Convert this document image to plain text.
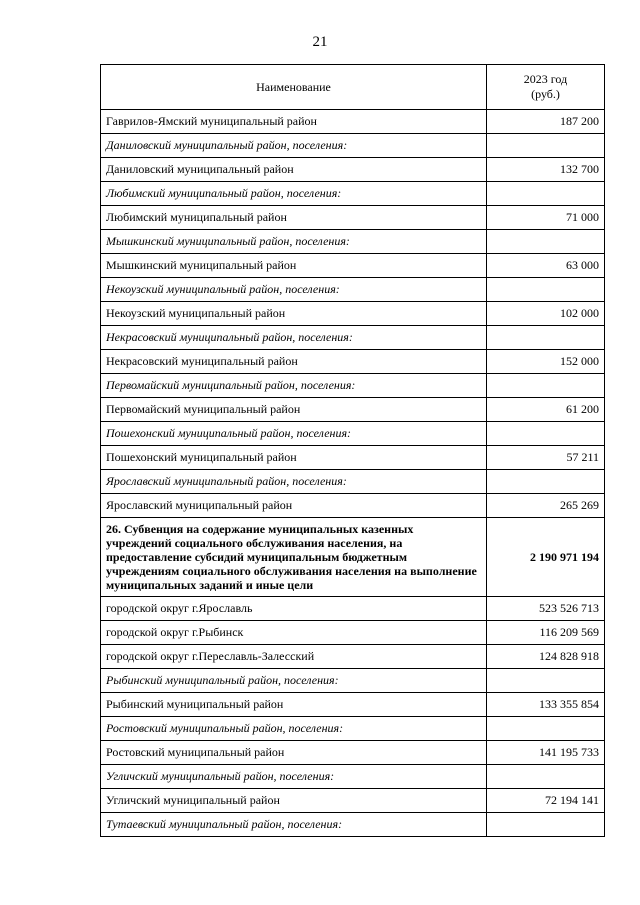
21
Наименование	2023 год
(руб.)
Гаврилов-Ямский муниципальный район	187 200
Даниловский муниципальный район, поселения:	
Даниловский муниципальный район	132 700
Любимский муниципальный район, поселения:	
Любимский муниципальный район	71 000
Мышкинский муниципальный район, поселения:	
Мышкинский муниципальный район	63 000
Некоузский муниципальный район, поселения:	
Некоузский муниципальный район	102 000
Некрасовский муниципальный район, поселения:	
Некрасовский муниципальный район	152 000
Первомайский муниципальный район, поселения:	
Первомайский муниципальный район	61 200
Пошехонский муниципальный район, поселения:	
Пошехонский муниципальный район	57 211
Ярославский муниципальный район, поселения:	
Ярославский муниципальный район	265 269
26. Субвенция на содержание муниципальных казенных учреждений социального обслуживания населения, на предоставление субсидий муниципальным бюджетным учреждениям социального обслуживания населения на выполнение муниципальных заданий и иные цели	2 190 971 194
городской округ г.Ярославль	523 526 713
городской округ г.Рыбинск	116 209 569
городской округ г.Переславль-Залесский	124 828 918
Рыбинский муниципальный район, поселения:	
Рыбинский муниципальный район	133 355 854
Ростовский муниципальный район, поселения:	
Ростовский муниципальный район	141 195 733
Угличский муниципальный район, поселения:	
Угличский муниципальный район	72 194 141
Тутаевский муниципальный район, поселения:	
